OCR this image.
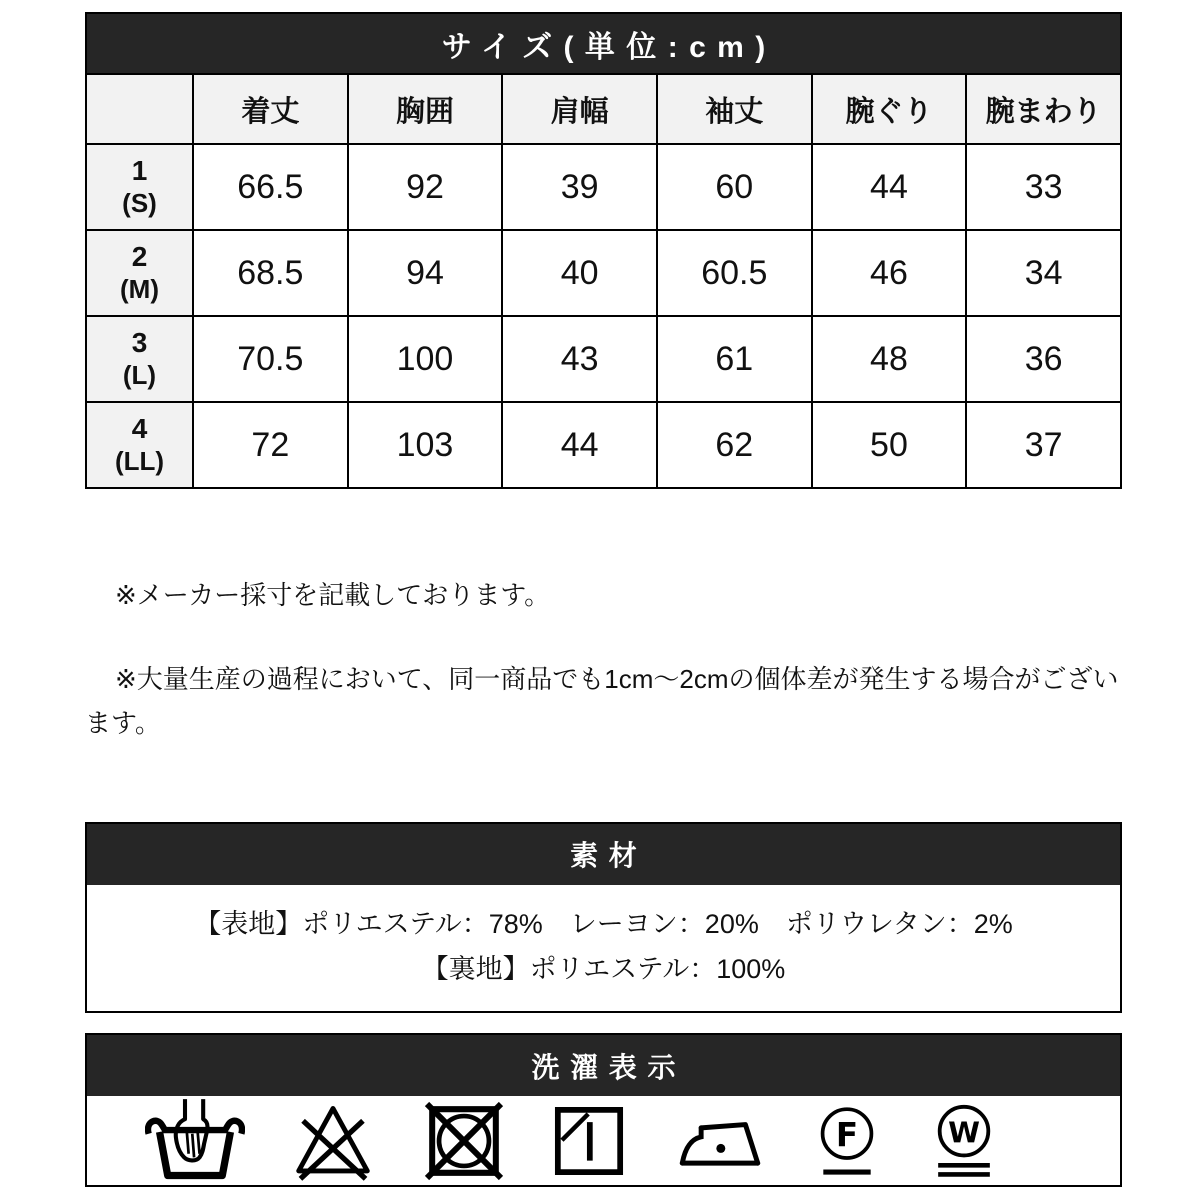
サイズ(単位:cm)
	着丈	胸囲	肩幅	袖丈	腕ぐり	腕まわり

1
(S)	66.5	92	39	60	44	33

2
(M)	68.5	94	40	60.5	46	34

3
(L)	70.5	100	43	61	48	36

4
(LL)	72	103	44	62	50	37

※メーカー採寸を記載しております。

※大量生産の過程において、同一商品でも1cm～2cmの個体差が発生する場合がございます。

素材
【表地】ポリエステル：78%　レーヨン：20%　ポリウレタン：2%
【裏地】ポリエステル：100%
洗濯表示
F W
